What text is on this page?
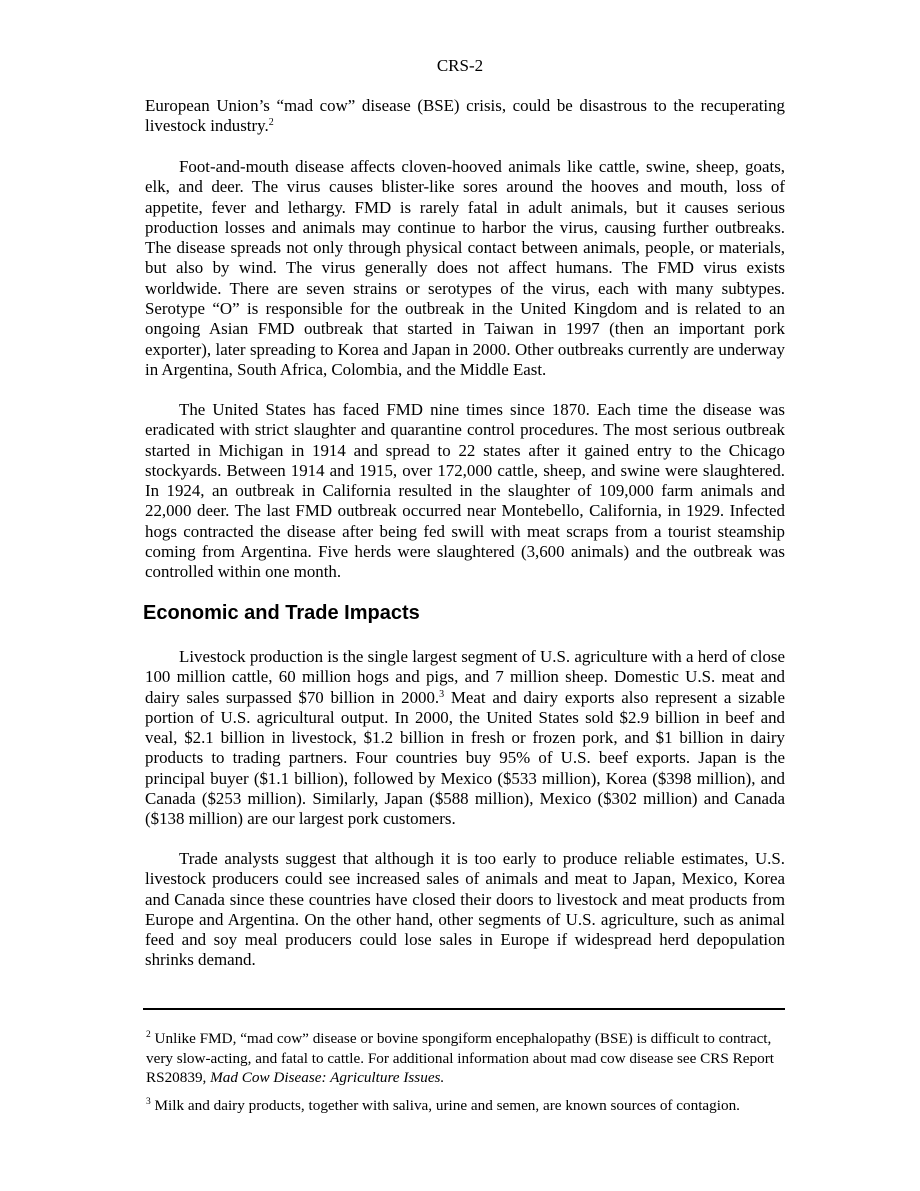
CRS-2

European Union’s “mad cow” disease (BSE) crisis, could be disastrous to the recuperating livestock industry.$^2$

Foot-and-mouth disease affects cloven-hooved animals like cattle, swine, sheep, goats, elk, and deer. The virus causes blister-like sores around the hooves and mouth, loss of appetite, fever and lethargy. FMD is rarely fatal in adult animals, but it causes serious production losses and animals may continue to harbor the virus, causing further outbreaks. The disease spreads not only through physical contact between animals, people, or materials, but also by wind. The virus generally does not affect humans. The FMD virus exists worldwide. There are seven strains or serotypes of the virus, each with many subtypes. Serotype “O” is responsible for the outbreak in the United Kingdom and is related to an ongoing Asian FMD outbreak that started in Taiwan in 1997 (then an important pork exporter), later spreading to Korea and Japan in 2000. Other outbreaks currently are underway in Argentina, South Africa, Colombia, and the Middle East.

The United States has faced FMD nine times since 1870. Each time the disease was eradicated with strict slaughter and quarantine control procedures. The most serious outbreak started in Michigan in 1914 and spread to 22 states after it gained entry to the Chicago stockyards. Between 1914 and 1915, over 172,000 cattle, sheep, and swine were slaughtered. In 1924, an outbreak in California resulted in the slaughter of 109,000 farm animals and 22,000 deer. The last FMD outbreak occurred near Montebello, California, in 1929. Infected hogs contracted the disease after being fed swill with meat scraps from a tourist steamship coming from Argentina. Five herds were slaughtered (3,600 animals) and the outbreak was controlled within one month.

Economic and Trade Impacts

Livestock production is the single largest segment of U.S. agriculture with a herd of close 100 million cattle, 60 million hogs and pigs, and 7 million sheep. Domestic U.S. meat and dairy sales surpassed $70 billion in 2000.$^3$ Meat and dairy exports also represent a sizable portion of U.S. agricultural output. In 2000, the United States sold $2.9 billion in beef and veal, $2.1 billion in livestock, $1.2 billion in fresh or frozen pork, and $1 billion in dairy products to trading partners. Four countries buy 95% of U.S. beef exports. Japan is the principal buyer ($1.1 billion), followed by Mexico ($533 million), Korea ($398 million), and Canada ($253 million). Similarly, Japan ($588 million), Mexico ($302 million) and Canada ($138 million) are our largest pork customers.

Trade analysts suggest that although it is too early to produce reliable estimates, U.S. livestock producers could see increased sales of animals and meat to Japan, Mexico, Korea and Canada since these countries have closed their doors to livestock and meat products from Europe and Argentina. On the other hand, other segments of U.S. agriculture, such as animal feed and soy meal producers could lose sales in Europe if widespread herd depopulation shrinks demand.

$^2$ Unlike FMD, “mad cow” disease or bovine spongiform encephalopathy (BSE) is difficult to contract, very slow-acting, and fatal to cattle. For additional information about mad cow disease see CRS Report RS20839, Mad Cow Disease: Agriculture Issues.
$^3$ Milk and dairy products, together with saliva, urine and semen, are known sources of contagion.
